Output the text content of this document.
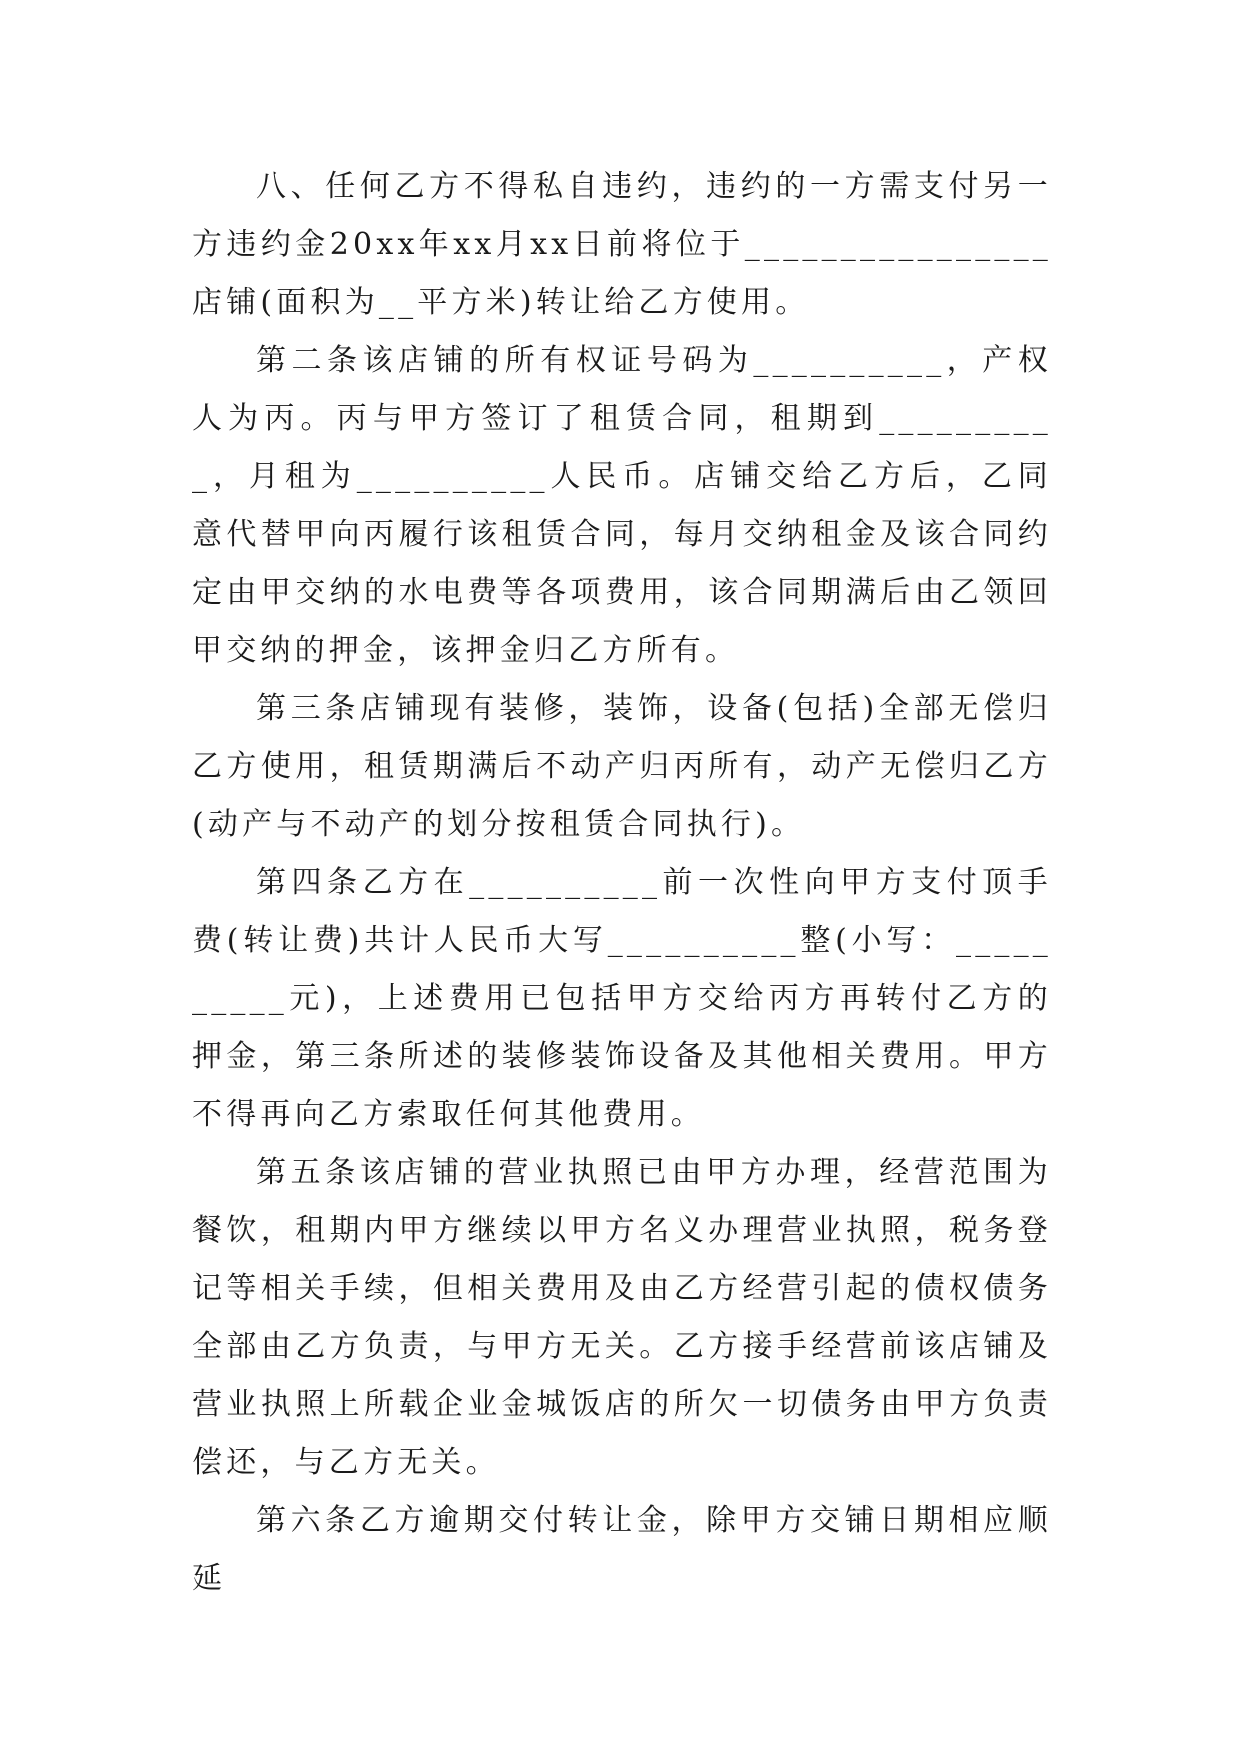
八、任何乙方不得私自违约，违约的一方需支付另一方违约金20xx年xx月xx日前将位于________________店铺(面积为__平方米)转让给乙方使用。

第二条该店铺的所有权证号码为__________，产权人为丙。丙与甲方签订了租赁合同，租期到__________，月租为__________人民币。店铺交给乙方后，乙同意代替甲向丙履行该租赁合同，每月交纳租金及该合同约定由甲交纳的水电费等各项费用，该合同期满后由乙领回甲交纳的押金，该押金归乙方所有。

第三条店铺现有装修，装饰，设备(包括)全部无偿归乙方使用，租赁期满后不动产归丙所有，动产无偿归乙方(动产与不动产的划分按租赁合同执行)。

第四条乙方在__________前一次性向甲方支付顶手费(转让费)共计人民币大写__________整(小写：__________元)，上述费用已包括甲方交给丙方再转付乙方的押金，第三条所述的装修装饰设备及其他相关费用。甲方不得再向乙方索取任何其他费用。

第五条该店铺的营业执照已由甲方办理，经营范围为餐饮，租期内甲方继续以甲方名义办理营业执照，税务登记等相关手续，但相关费用及由乙方经营引起的债权债务全部由乙方负责，与甲方无关。乙方接手经营前该店铺及营业执照上所载企业金城饭店的所欠一切债务由甲方负责偿还，与乙方无关。

第六条乙方逾期交付转让金，除甲方交铺日期相应顺延
